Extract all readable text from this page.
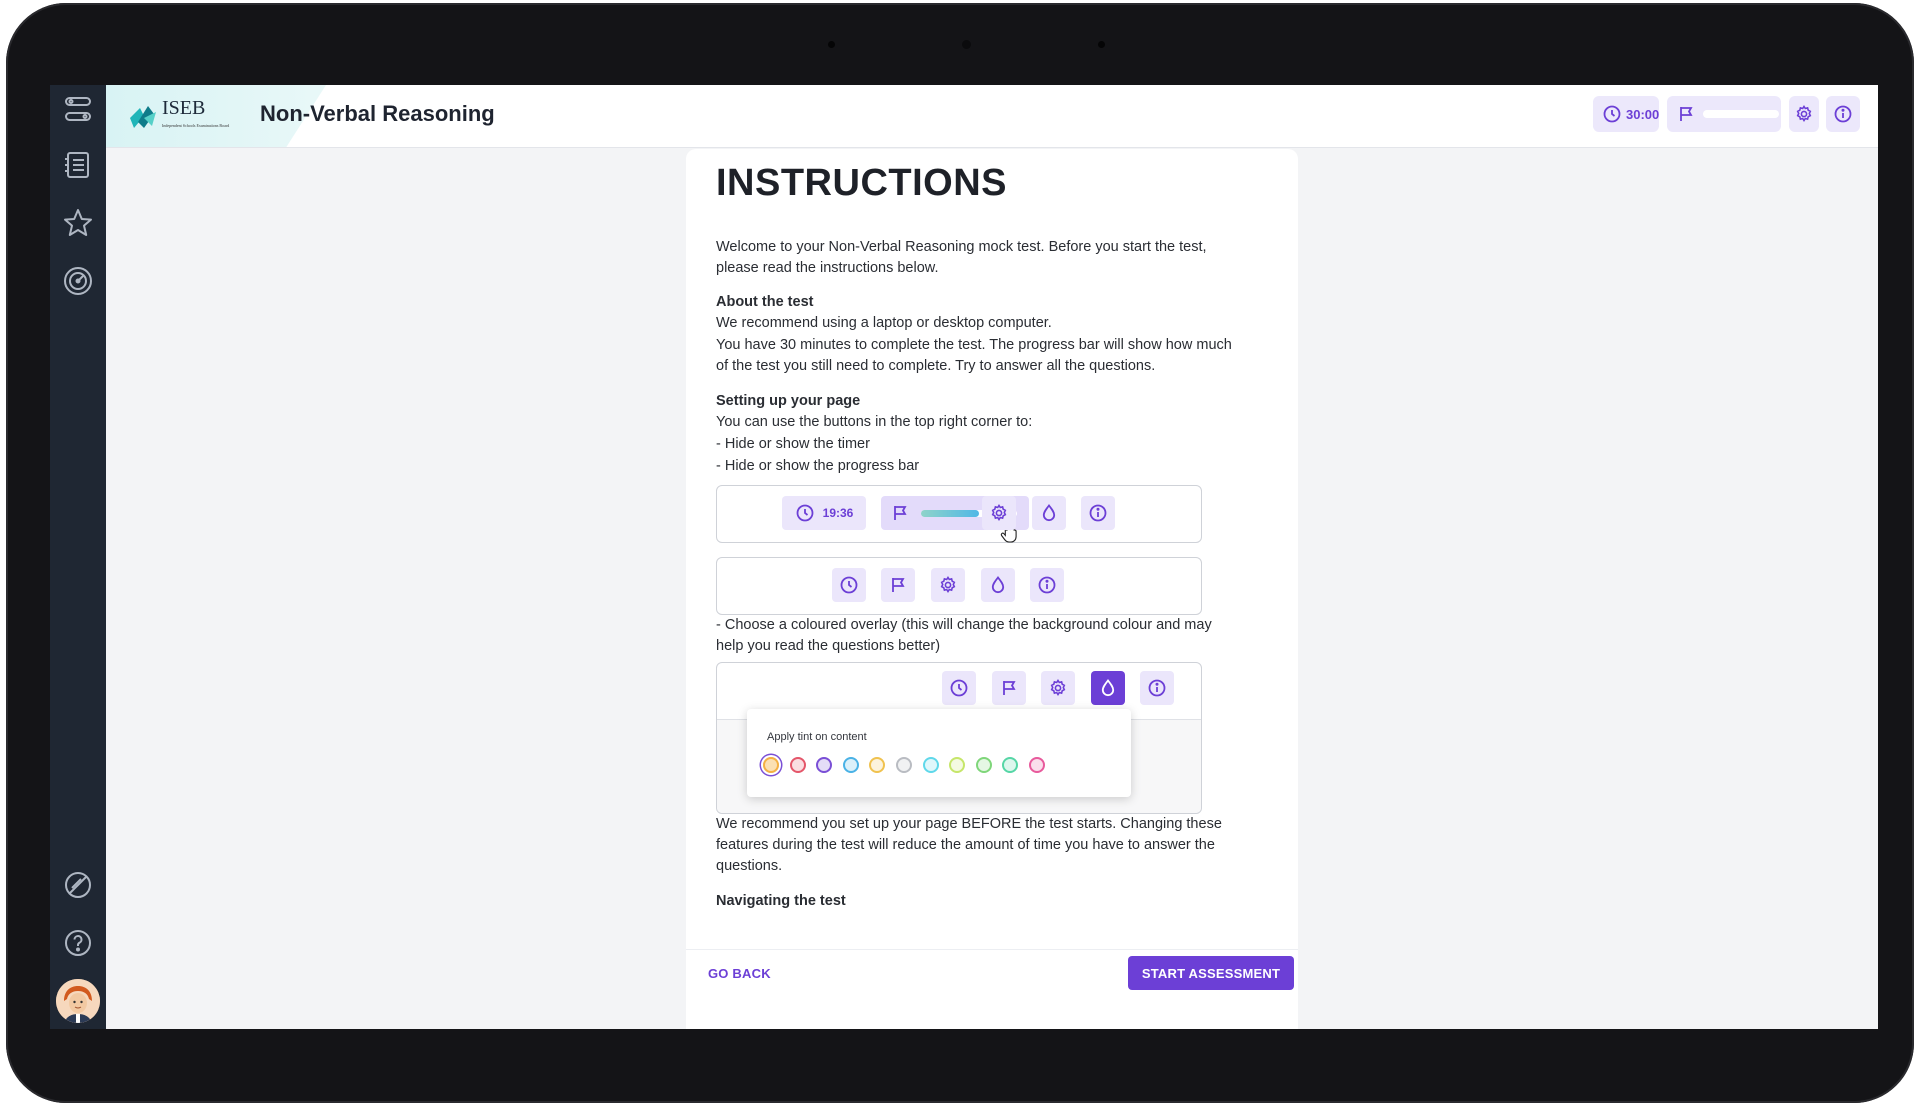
ISEB
Independent Schools Examinations Board Non-Verbal Reasoning	30:00
INSTRUCTIONS

Welcome to your Non-Verbal Reasoning mock test. Before you start the test,

please read the instructions below.

About the test

We recommend using a laptop or desktop computer.

You have 30 minutes to complete the test. The progress bar will show how much

of the test you still need to complete. Try to answer all the questions.

Setting up your page

You can use the buttons in the top right corner to:

- Hide or show the timer

- Hide or show the progress bar

19:36

- Choose a coloured overlay (this will change the background colour and may

help you read the questions better)

Apply tint on content

We recommend you set up your page BEFORE the test starts. Changing these

features during the test will reduce the amount of time you have to answer the

questions.

Navigating the test

GO BACK	START ASSESSMENT
